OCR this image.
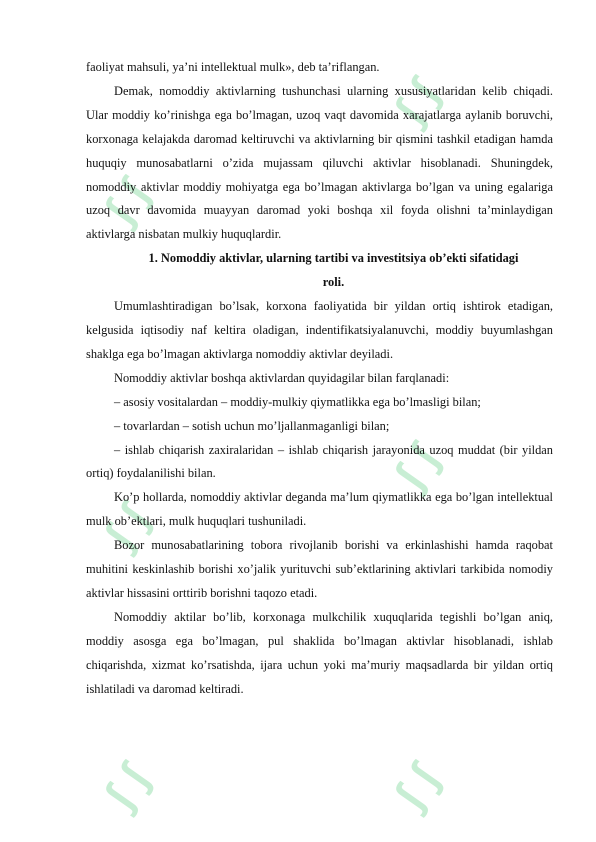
ʃ ʃ
ʃ ʃ
ʃ ʃ
ʃ ʃ
ʃ ʃ	ʃ ʃ

faoliyat mahsuli, ya’ni intellektual mulk», deb ta’riflangan.

Demak, nomoddiy aktivlarning tushunchasi ularning xususiyatlaridan kelib chiqadi. Ular moddiy ko’rinishga ega bo’lmagan, uzoq vaqt davomida xarajatlarga aylanib boruvchi, korxonaga kelajakda daromad keltiruvchi va aktivlarning bir qismini tashkil etadigan hamda huquqiy munosabatlarni o’zida mujassam qiluvchi aktivlar hisoblanadi. Shuningdek, nomoddiy aktivlar moddiy mohiyatga ega bo’lmagan aktivlarga bo’lgan va uning egalariga uzoq davr davomida muayyan daromad yoki boshqa xil foyda olishni ta’minlaydigan aktivlarga nisbatan mulkiy huquqlardir.

1. Nomoddiy aktivlar, ularning tartibi va investitsiya ob’ekti sifatidagi

roli.

Umumlashtiradigan bo’lsak, korxona faoliyatida bir yildan ortiq ishtirok etadigan, kelgusida iqtisodiy naf keltira oladigan, indentifikatsiyalanuvchi, moddiy buyumlashgan shaklga ega bo’lmagan aktivlarga nomoddiy aktivlar deyiladi.

Nomoddiy aktivlar boshqa aktivlardan quyidagilar bilan farqlanadi:

– asosiy vositalardan – moddiy-mulkiy qiymatlikka ega bo’lmasligi bilan;

– tovarlardan – sotish uchun mo’ljallanmaganligi bilan;

– ishlab chiqarish zaxiralaridan – ishlab chiqarish jarayonida uzoq muddat (bir yildan ortiq) foydalanilishi bilan.

Ko’p hollarda, nomoddiy aktivlar deganda ma’lum qiymatlikka ega bo’lgan intellektual mulk ob’ektlari, mulk huquqlari tushuniladi.

Bozor munosabatlarining tobora rivojlanib borishi va erkinlashishi hamda raqobat muhitini keskinlashib borishi xo’jalik yurituvchi sub’ektlarining aktivlari tarkibida nomodiy aktivlar hissasini orttirib borishni taqozo etadi.

Nomoddiy aktilar bo’lib, korxonaga mulkchilik xuquqlarida tegishli bo’lgan aniq, moddiy asosga ega bo’lmagan, pul shaklida bo’lmagan aktivlar hisoblanadi, ishlab chiqarishda, xizmat ko’rsatishda, ijara uchun yoki ma’muriy maqsadlarda bir yildan ortiq ishlatiladi va daromad keltiradi.
